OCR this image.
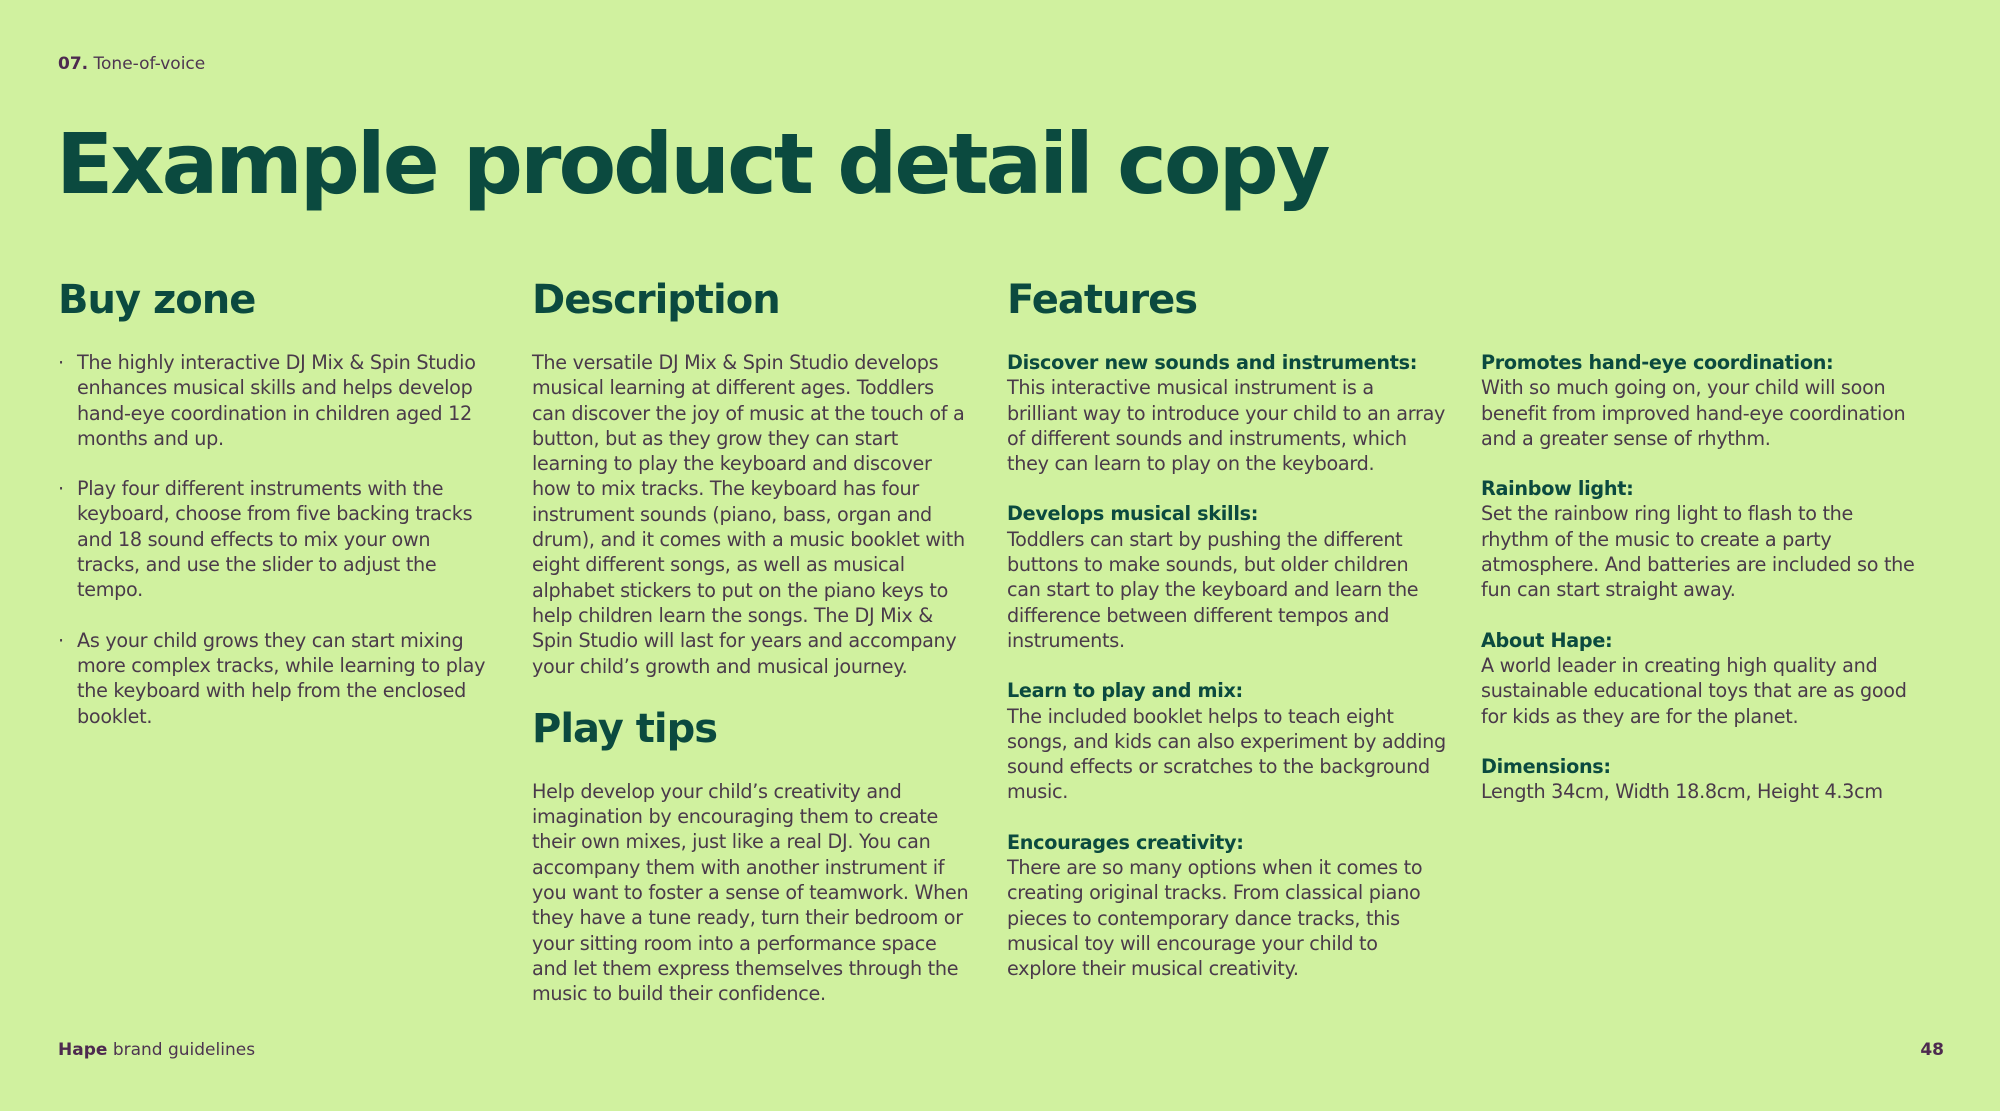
07. Tone-of-voice
Example product detail copy
Buy zone
· The highly interactive DJ Mix & Spin Studio enhances musical skills and helps develop hand-eye coordination in children aged 12 months and up.
· Play four different instruments with the keyboard, choose from five backing tracks and 18 sound effects to mix your own tracks, and use the slider to adjust the tempo.
· As your child grows they can start mixing more complex tracks, while learning to play the keyboard with help from the enclosed booklet.
Description

The versatile DJ Mix & Spin Studio develops musical learning at different ages. Toddlers can discover the joy of music at the touch of a button, but as they grow they can start learning to play the keyboard and discover how to mix tracks. The keyboard has four instrument sounds (piano, bass, organ and drum), and it comes with a music booklet with eight different songs, as well as musical alphabet stickers to put on the piano keys to help children learn the songs. The DJ Mix & Spin Studio will last for years and accompany your child’s growth and musical journey.

Play tips

Help develop your child’s creativity and imagination by encouraging them to create their own mixes, just like a real DJ. You can accompany them with another instrument if you want to foster a sense of teamwork. When they have a tune ready, turn their bedroom or your sitting room into a performance space and let them express themselves through the music to build their confidence.

Features

Discover new sounds and instruments:

This interactive musical instrument is a brilliant way to introduce your child to an array of different sounds and instruments, which they can learn to play on the keyboard.

Develops musical skills:

Toddlers can start by pushing the different buttons to make sounds, but older children can start to play the keyboard and learn the difference between different tempos and instruments.

Learn to play and mix:

The included booklet helps to teach eight songs, and kids can also experiment by adding sound effects or scratches to the background music.

Encourages creativity:

There are so many options when it comes to creating original tracks. From classical piano pieces to contemporary dance tracks, this musical toy will encourage your child to explore their musical creativity.

Promotes hand-eye coordination:

With so much going on, your child will soon benefit from improved hand-eye coordination and a greater sense of rhythm.

Rainbow light:

Set the rainbow ring light to flash to the rhythm of the music to create a party atmosphere. And batteries are included so the fun can start straight away.

About Hape:

A world leader in creating high quality and sustainable educational toys that are as good for kids as they are for the planet.

Dimensions:

Length 34cm, Width 18.8cm, Height 4.3cm

Hape brand guidelines	48
